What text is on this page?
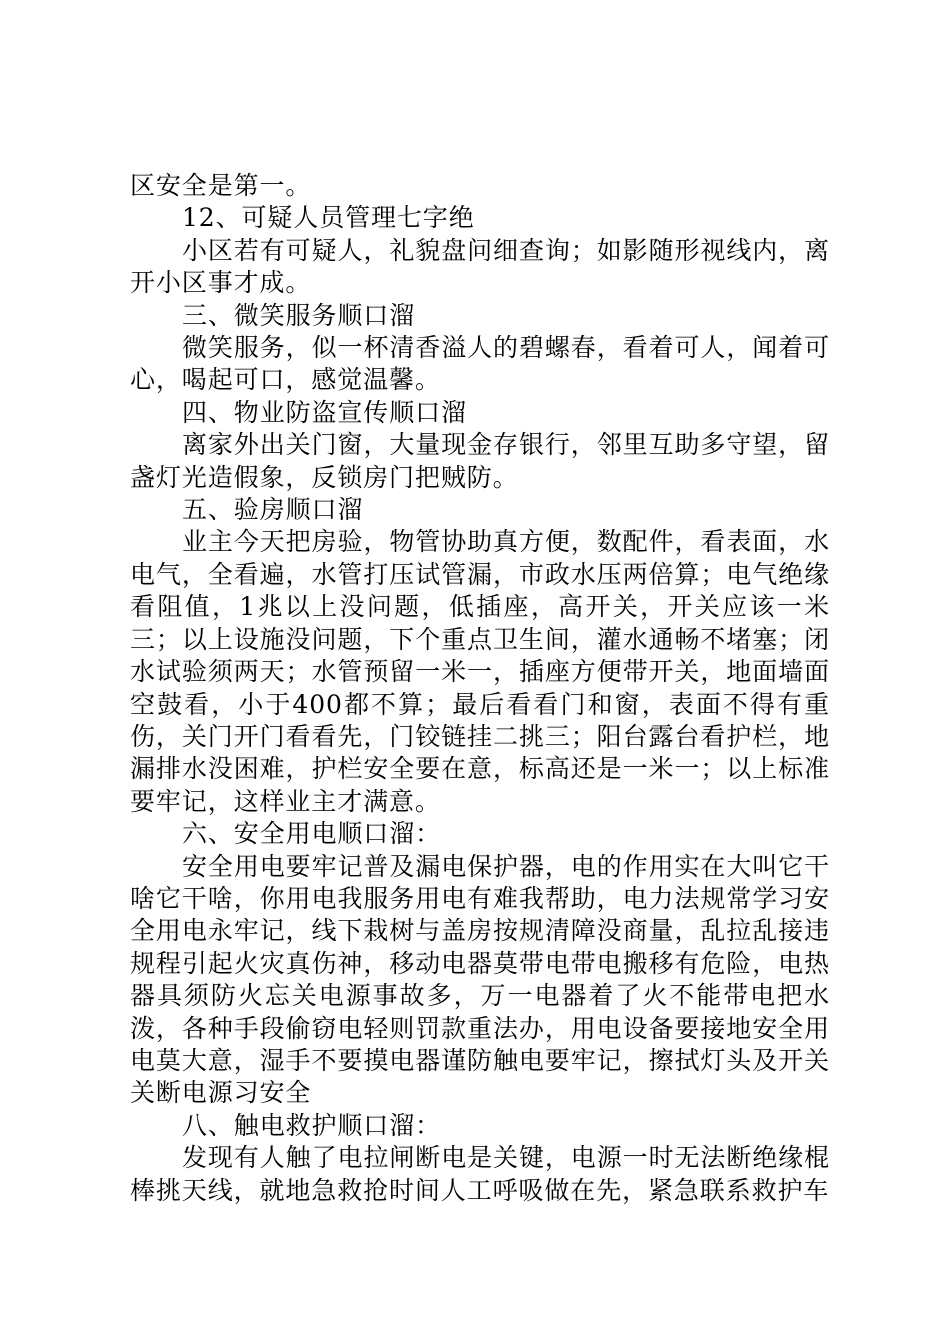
区安全是第一。

12、可疑人员管理七字绝

小区若有可疑人，礼貌盘问细查询；如影随形视线内，离开小区事才成。

三、微笑服务顺口溜

微笑服务，似一杯清香溢人的碧螺春，看着可人，闻着可心，喝起可口，感觉温馨。

四、物业防盗宣传顺口溜

离家外出关门窗，大量现金存银行，邻里互助多守望，留盏灯光造假象，反锁房门把贼防。

五、验房顺口溜

业主今天把房验，物管协助真方便，数配件，看表面，水电气，全看遍，水管打压试管漏，市政水压两倍算；电气绝缘看阻值，1兆以上没问题，低插座，高开关，开关应该一米三；以上设施没问题，下个重点卫生间，灌水通畅不堵塞；闭水试验须两天；水管预留一米一，插座方便带开关，地面墙面空鼓看，小于400都不算；最后看看门和窗，表面不得有重伤，关门开门看看先，门铰链挂二挑三；阳台露台看护栏，地漏排水没困难，护栏安全要在意，标高还是一米一；以上标准要牢记，这样业主才满意。

六、安全用电顺口溜：

安全用电要牢记普及漏电保护器，电的作用实在大叫它干啥它干啥，你用电我服务用电有难我帮助，电力法规常学习安全用电永牢记，线下栽树与盖房按规清障没商量，乱拉乱接违规程引起火灾真伤神，移动电器莫带电带电搬移有危险，电热器具须防火忘关电源事故多，万一电器着了火不能带电把水泼，各种手段偷窃电轻则罚款重法办，用电设备要接地安全用电莫大意，湿手不要摸电器谨防触电要牢记，擦拭灯头及开关关断电源习安全

八、触电救护顺口溜：

发现有人触了电拉闸断电是关键，电源一时无法断绝缘棍棒挑天线，就地急救抢时间人工呼吸做在先，紧急联系救护车
